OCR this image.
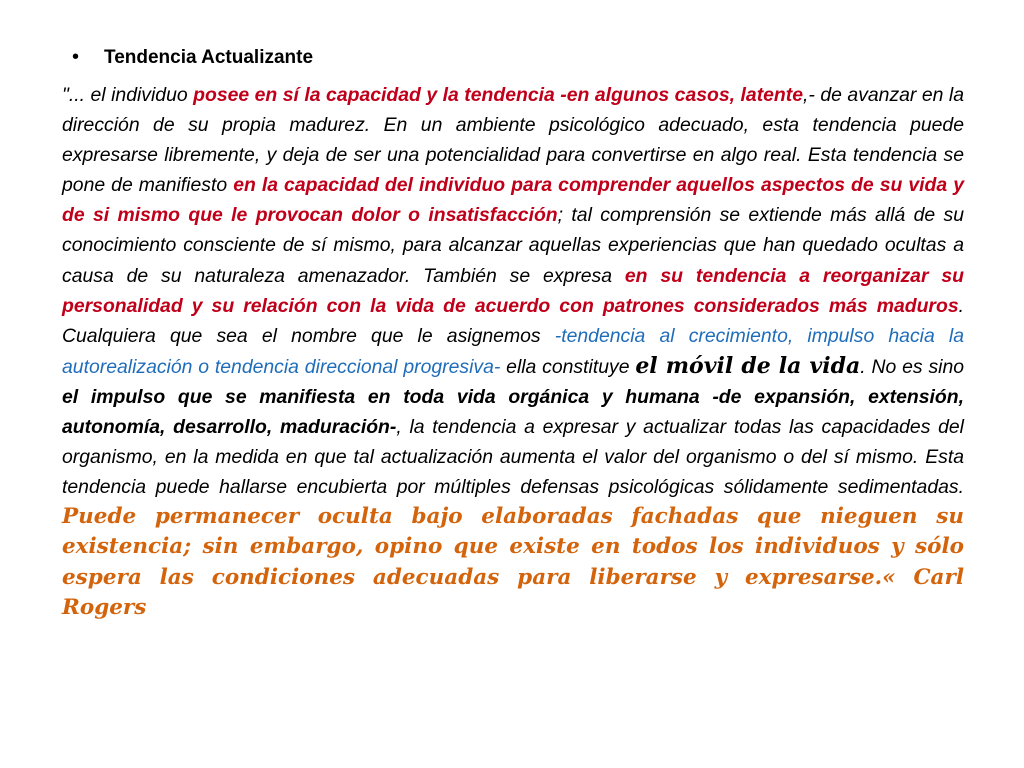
•	Tendencia Actualizante

"... el individuo posee en sí la capacidad y la tendencia -en algunos casos, latente,- de avanzar en la dirección de su propia madurez. En un ambiente psicológico adecuado, esta tendencia puede expresarse libremente, y deja de ser una potencialidad para convertirse en algo real. Esta tendencia se pone de manifiesto en la capacidad del individuo para comprender aquellos aspectos de su vida y de si mismo que le provocan dolor o insatisfacción; tal comprensión se extiende más allá de su conocimiento consciente de sí mismo, para alcanzar aquellas experiencias que han quedado ocultas a causa de su naturaleza amenazador. También se expresa en su tendencia a reorganizar su personalidad y su relación con la vida de acuerdo con patrones considerados más maduros. Cualquiera que sea el nombre que le asignemos -tendencia al crecimiento, impulso hacia la autorealización o tendencia direccional progresiva- ella constituye el móvil de la vida. No es sino el impulso que se manifiesta en toda vida orgánica y humana -de expansión, extensión, autonomía, desarrollo, maduración-, la tendencia a expresar y actualizar todas las capacidades del organismo, en la medida en que tal actualización aumenta el valor del organismo o del sí mismo. Esta tendencia puede hallarse encubierta por múltiples defensas psicológicas sólidamente sedimentadas. Puede permanecer oculta bajo elaboradas fachadas que nieguen su existencia; sin embargo, opino que existe en todos los individuos y sólo espera las condiciones adecuadas para liberarse y expresarse.« Carl Rogers
